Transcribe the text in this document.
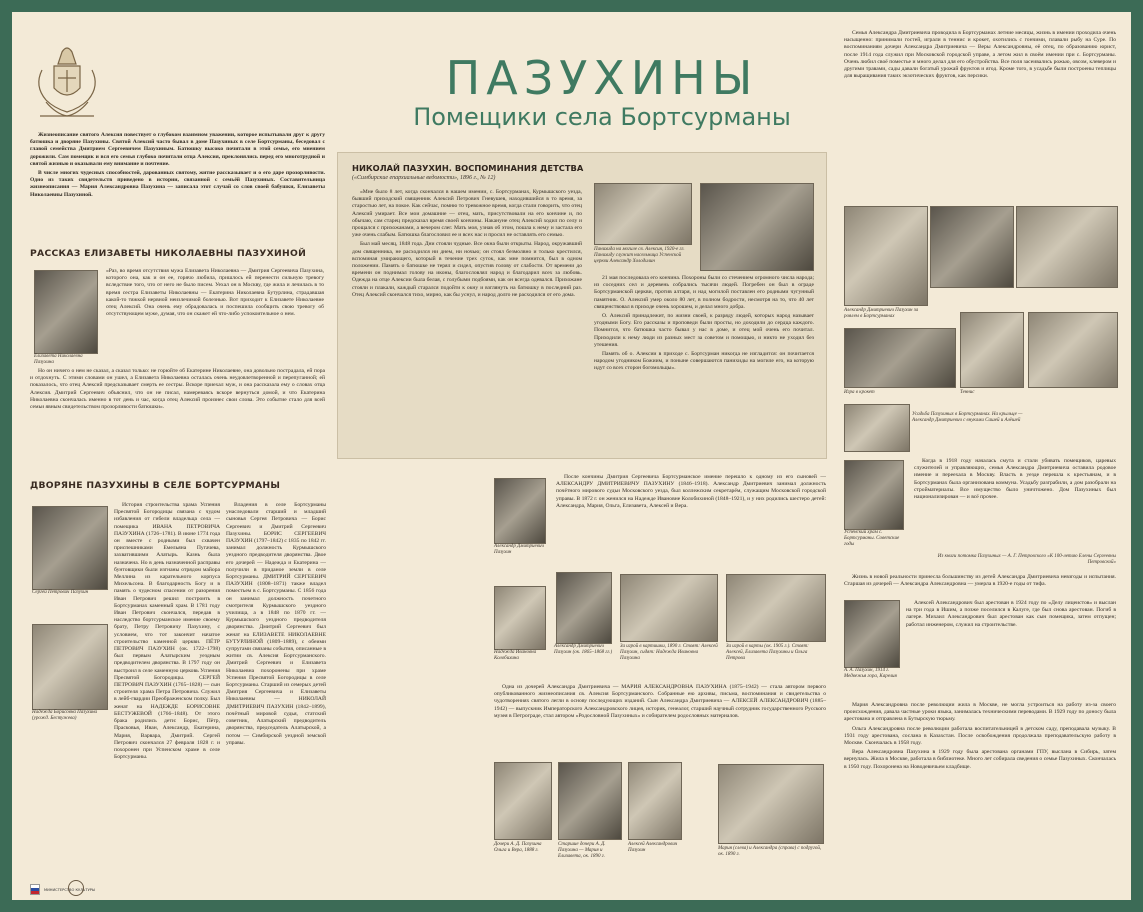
ПАЗУХИНЫ
Помещики села Бортсурманы
Жизнеописание святого Алексия повествует о глубоком взаимном уважении, которое испытывали друг к другу батюшка и дворяне Пазухины. Святой Алексий часто бывал в доме Пазухиных в селе Бортсурманы, беседовал с главой семейства Дмитрием Сергеевичем Пазухиным. Батюшку высоко почитали в этой семье, его мнением дорожили. Сам помещик и вся его семья глубоко почитали отца Алексия, преклонялись перед его многотрудной и святой жизнью и оказывали ему внимание и почтение.
В числе многих чудесных способностей, дарованных святому, житие рассказывает и о его даре прозорливости. Одно из таких свидетельств приведено в истории, связанной с семьёй Пазухиных. Составительница жизнеописания — Мария Александровна Пазухина — записала этот случай со слов своей бабушки, Елизаветы Николаевны Пазухиной.
РАССКАЗ ЕЛИЗАВЕТЫ НИКОЛАЕВНЫ ПАЗУХИНОЙ
Елизавета Николаевна Пазухина
«Раз, во время отсутствия мужа Елизавета Николаевна — Дмитрия Сергеевича Пазухина, которого она, как и он ее, горячо любила, пришлось ей перенести сильную тревогу вследствие того, что от него не было писем. Уехал он в Москву, где жила и лечилась в то время сестра Елизаветы Николаевны — Екатерина Николаевна Бутурлина, страдавшая какой-то тяжкой нервной неизлечимой болезнью. Вот приходит к Елизавете Николаевне отец Алексий. Она очень ему обрадовалась и поспешила сообщить свою тревогу об отсутствующем муже, думая, что он скажет ей что-либо успокоительное о нем.
Но он ничего о нем не сказал, а сказал только: не горюйте об Екатерине Николаевне, она довольно пострадала, ей пора и отдохнуть. С этими словами он ушел, а Елизавета Николаевна осталась очень неудовлетворенной и перепуганной; ей показалось, что отец Алексий предсказывает смерть ее сестры. Вскоре приехал муж, и она рассказала ему о словах отца Алексия. Дмитрий Сергеевич объяснил, что он не писал, намереваясь вскоре вернуться домой, и что Екатерина Николаевна скончалась именно в тот день и час, когда отец Алексий произнес свои слова. Это событие стало для всей семьи явным свидетельством прозорливости батюшки».
ДВОРЯНЕ ПАЗУХИНЫ В СЕЛЕ БОРТСУРМАНЫ
Сергей Петрович Пазухин
Надежда Борисовна Пазухина (урожд. Бестужева)
История строительства храма Успения Пресвятой Богородицы связана с чудом избавления от гибели владельца села — помещика ИВАНА ПЕТРОВИЧА ПАЗУХИНА (1726–1781). В июне 1774 года он вместе с родными был схвачен приспешниками Емельяна Пугачева, захватившими Алатырь. Казнь была назначена. Но в день назначенной расправы бунтовщики были изгнаны отрядом майора Меллина из карательного корпуса Михельсона. В благодарность Богу и в память о чудесном спасении от разорения Иван Петрович решил построить в Бортсурманах каменный храм. В 1781 году Иван Петрович скончался, передав в наследство бортсурманское имение своему брату, Петру Петровичу Пазухину, с условием, что тот закончит начатое строительство каменной церкви. ПЁТР ПЕТРОВИЧ ПАЗУХИН (ок. 1722–1798) был первым Алатырским уездным предводителем дворянства. В 1797 году он выстроил в селе каменную церковь Успения Пресвятой Богородицы. СЕРГЕЙ ПЕТРОВИЧ ПАЗУХИН (1765–1828) — сын строителя храма Петра Петровича. Служил в лейб-гвардии Преображенском полку. Был женат на НАДЕЖДЕ БОРИСОВНЕ БЕСТУЖЕВОЙ (1766–1848). От этого брака родились дети: Борис, Пётр, Прасковья, Иван, Александр, Екатерина, Мария, Варвара, Дмитрий. Сергей Петрович скончался 27 февраля 1828 г. и похоронен при Успенском храме в селе Бортсурманы.
Владения в селе Бортсурманы унаследовали старший и младший сыновья Сергея Петровича — Борис Сергеевич и Дмитрий Сергеевич Пазухины. БОРИС СЕРГЕЕВИЧ ПАЗУХИН (1797–1842) с 1835 по 1842 гг. занимал должность Курмышского уездного предводителя дворянства. Двое его дочерей — Надежда и Екатерина — получили в приданое земли в селе Бортсурманы. ДМИТРИЙ СЕРГЕЕВИЧ ПАЗУХИН (1808–1871) также владел поместьем в с. Бортсурманы. С 1856 года он занимал должность почетного смотрителя Курмышского уездного училища, а в 1848 по 1870 гг. — Курмышского уездного предводителя дворянства. Дмитрий Сергеевич был женат на ЕЛИЗАВЕТЕ НИКОЛАЕВНЕ БУТУРЛИНОЙ (1809–1889), с обеими супругами связаны события, описанные в житии св. Алексия Бортсурманского. Дмитрий Сергеевич и Елизавета Николаевна похоронены при храме Успения Пресвятой Богородицы в селе Бортсурманы. Старший из семерых детей Дмитрия Сергеевича и Елизаветы Николаевны — НИКОЛАЙ ДМИТРИЕВИЧ ПАЗУХИН (1842–1899), почётный мировой судья, статский советник, Алатырский предводитель дворянства, председатель Алатырской, а потом — Симбирской уездной земской управы.
НИКОЛАЙ ПАЗУХИН. ВОСПОМИНАНИЯ ДЕТСТВА
(«Симбирские епархиальные ведомости», 1896 г., № 12)
«Мне было 8 лет, когда скончался в нашем имении, с. Бортсурманах, Курмышского уезда, бывший приходский священник Алексий Петрович Гневушев, находившийся в то время, за старостью лет, на покое. Как сейчас, помню то тревожное время, когда стали говорить, что отец Алексий умирает. Все мои домашние — отец, мать, присутствовали на его кончине и, по обычаю, сам старец предсказал время своей кончины. Накануне отец Алексий ходил по селу и прощался с прихожанами, а вечером слег. Мать моя, узнав об этом, пошла к нему и застала его уже очень слабым. Батюшка благословил ее и всех нас и просил не оставлять его семью.
Был май месяц, 1848 года. Дни стояли чудные. Все окна были открыты. Народ, окружавший дом священника, не расходился ни днем, ни ночью; он стоял безмолвно и только крестился, вспоминая умирающего, который в течение трех суток, как мне помнится, был в одном положении. Память о батюшке не терял и сидел, опустив голову от слабости. От времени до времени он поднимал голову на иконы, благословлял народ и благодарил всех за любовь. Одежда на отце Алексии была белая, с голубыми подбоями, как он всегда одевался. Прихожане стояли и плакали, каждый старался подойти к окну и взглянуть на батюшку в последний раз. Отец Алексий скончался тихо, мирно, как бы уснул, и народ долго не расходился от его дома.
Панихида на могиле св. Алексия, 1920-е гг. Панихиду служит насельница Успенской церкви Александр Холодилин
21 мая последовала его кончина. Похороны были со стечением огромного числа народа; из соседних сел и деревень собрались тысячи людей. Погребен он был в ограде Бортсурманской церкви, против алтаря, и над могилой поставлен его родными чугунный памятник. О. Алексий умер около 80 лет, в полном бодрости, несмотря на то, что 40 лет священствовал в приходе очень хорошем, и делал много добра.
О. Алексий принадлежит, по жизни своей, к разряду людей, которых народ называет угодными Богу. Его рассказы и проповеди были просты, но доходили до сердца каждого. Помнится, что батюшка часто бывал у нас в доме, и отец мой очень его почитал. Приходили к нему люди из разных мест за советом и помощью, и никто не уходил без утешения.
Память об о. Алексии в приходе с. Бортсурман никогда не изгладится: он почитается народом угодником Божиим, и поныне совершаются панихиды на могиле его, на которую идут со всех сторон богомольцы».
Александр Дмитриевич Пазухин
После кончины Дмитрия Сергеевича Бортсурманское имение перешло к одному из его сыновей — АЛЕКСАНДРУ ДМИТРИЕВИЧУ ПАЗУХИНУ (1846–1918). Александр Дмитриевич занимал должность почётного мирового судьи Московского уезда, был коллежским секретарём, служащим Московской городской управы. В 1872 г. он женился на Надежде Ивановне Колобихиной (1848–1921), и у них родились шестеро детей: Александра, Мария, Ольга, Елизавета, Алексей и Вера.
Надежда Ивановна Колобихина
Александр Дмитриевич Пазухин (ок. 1865–1868 гг.)
За игрой в картишки, 1890 г. Стоят: Алексей Пазухин, сидят: Надежда Ивановна Пазухина
За игрой в карты (ок. 1905 г.). Стоят: Алексей, Елизавета Пазухины и Ольга Петрова
Одна из дочерей Александра Дмитриевича — МАРИЯ АЛЕКСАНДРОВНА ПАЗУХИНА (1875–1942) — стала автором первого опубликованного жизнеописания св. Алексия Бортсурманского. Собранные ею архивы, письма, воспоминания и свидетельства о чудотворениях святого легли в основу последующих изданий. Сын Александра Дмитриевича — АЛЕКСЕЙ АЛЕКСАНДРОВИЧ (1885–1942) — выпускник Императорского Александровского лицея, историк, генеалог, старший научный сотрудник государственного Русского музея в Петрограде, стал автором «Родословной Пазухиных» и собирателем родословных материалов.
Дочери А. Д. Пазухина Ольга и Вера, 1888 г.
Старшие дочери А. Д. Пазухина — Мария и Елизавета, ок. 1890 г.
Алексей Александрович Пазухин	Мария (слева) и Александра (справа) с подругой, ок. 1890 г.
Семья Александра Дмитриевича проводила в Бортсурманах летние месяцы, жизнь в имении проходила очень насыщенно: принимали гостей, играли в теннис и крокет, охотились с гончими, плавали рыбу на Суре. По воспоминаниям дочери Александра Дмитриевича — Веры Александровны, её отец, по образованию юрист, после 1914 года служил при Московской городской управе, а летом жил в своём имении при с. Бортсурманы. Очень любил своё поместье и много делал для его обустройства. Все поля засеивались рожью, овсом, клевером и другими травами, сады давали богатый урожай фруктов и ягод. Кроме того, в усадьбе были построены теплицы для выращивания таких экзотических фруктов, как персики.
Александр Дмитриевич Пазухин за роялем в Бортсурманах
Игра в крокет	Теннис
Усадьба Пазухиных в Бортсурманах. На крыльце — Александр Дмитриевич с внуками Сашей и Алёшей
Успенский храм с. Бортсурманы. Советские годы
Когда в 1918 году началась смута и стали убивать помещиков, царевых служителей и управляющих, семья Александра Дмитриевича оставила родовое имение и переехала в Москву. Власть в уезде перешла к крестьянам, и в Бортсурманах была организована коммуна. Усадьбу разграбили, а дом разобрали на стройматериалы. Все имущество было уничтожено. Дом Пазухиных был национализирован — и всё прочее.
Из книги потомка Пазухиных — А. Г. Петровского «К 100-летию Елены Сергеевны Петровской»
Жизнь в новой реальности принесла большинству из детей Александра Дмитриевича невзгоды и испытания. Старшая из дочерей — Александра Александровна — умерла в 1920-е годы от тифа.
А. А. Пазухин, 1914 г. Медвежья гора, Карелия
Алексей Александрович был арестован в 1924 году по «Делу лицеистов» и выслан на три года в Ишим, а позже поселился в Калуге, где был снова арестован. Погиб в лагере. Михаил Александрович был арестован как сын помещика, затем отпущен; работал инженером, служил на строительстве.
Мария Александровна после революции жила в Москве, не могла устроиться на работу из-за своего происхождения, давала частные уроки языка, занималась техническими переводами. В 1929 году по доносу была арестована и отправлена в Бутырскую тюрьму.
Ольга Александровна после революции работала воспитательницей в детском саду, преподавала музыку. В 1931 году арестована, сослана в Казахстан. После освобождения продолжала преподавательскую работу в Москве. Скончалась в 1958 году.
Вера Александровна Пазухина в 1929 году была арестована органами ГПУ, выслана в Сибирь, затем вернулась. Жила в Москве, работала в библиотеке. Много лет собирала сведения о семье Пазухиных. Скончалась в 1950 году. Похоронена на Новодевичьем кладбище.
МИНИСТЕРСТВО КУЛЬТУРЫ
